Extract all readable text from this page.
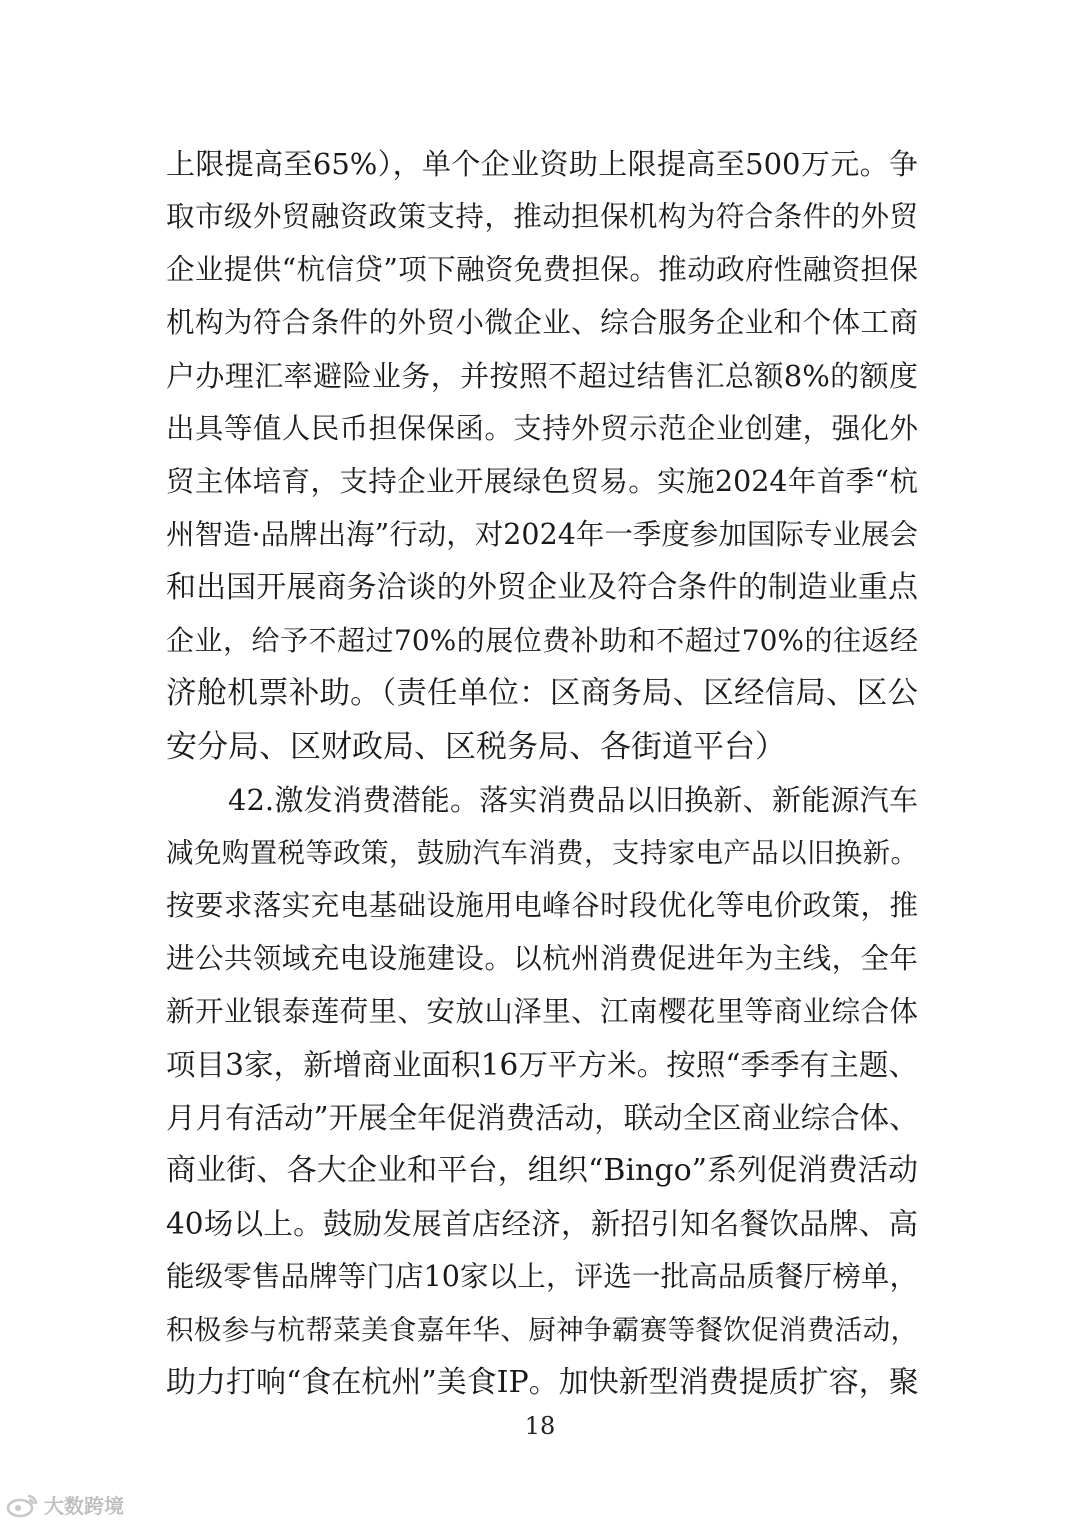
上限提高至65%），单个企业资助上限提高至500万元。争
取市级外贸融资政策支持，推动担保机构为符合条件的外贸
企业提供“杭信贷”项下融资免费担保。推动政府性融资担保
机构为符合条件的外贸小微企业、综合服务企业和个体工商
户办理汇率避险业务，并按照不超过结售汇总额8%的额度
出具等值人民币担保保函。支持外贸示范企业创建，强化外
贸主体培育，支持企业开展绿色贸易。实施2024年首季“杭
州智造·品牌出海”行动，对2024年一季度参加国际专业展会
和出国开展商务洽谈的外贸企业及符合条件的制造业重点
企业，给予不超过70%的展位费补助和不超过70%的往返经
济舱机票补助。（责任单位：区商务局、区经信局、区公
安分局、区财政局、区税务局、各街道平台）
42.激发消费潜能。落实消费品以旧换新、新能源汽车
减免购置税等政策，鼓励汽车消费，支持家电产品以旧换新。
按要求落实充电基础设施用电峰谷时段优化等电价政策，推
进公共领域充电设施建设。以杭州消费促进年为主线，全年
新开业银泰莲荷里、安放山泽里、江南樱花里等商业综合体
项目3家，新增商业面积16万平方米。按照“季季有主题、
月月有活动”开展全年促消费活动，联动全区商业综合体、
商业街、各大企业和平台，组织“Bingo”系列促消费活动
40场以上。鼓励发展首店经济，新招引知名餐饮品牌、高
能级零售品牌等门店10家以上，评选一批高品质餐厅榜单，
积极参与杭帮菜美食嘉年华、厨神争霸赛等餐饮促消费活动，
助力打响“食在杭州”美食IP。加快新型消费提质扩容，聚
18
大数跨境
